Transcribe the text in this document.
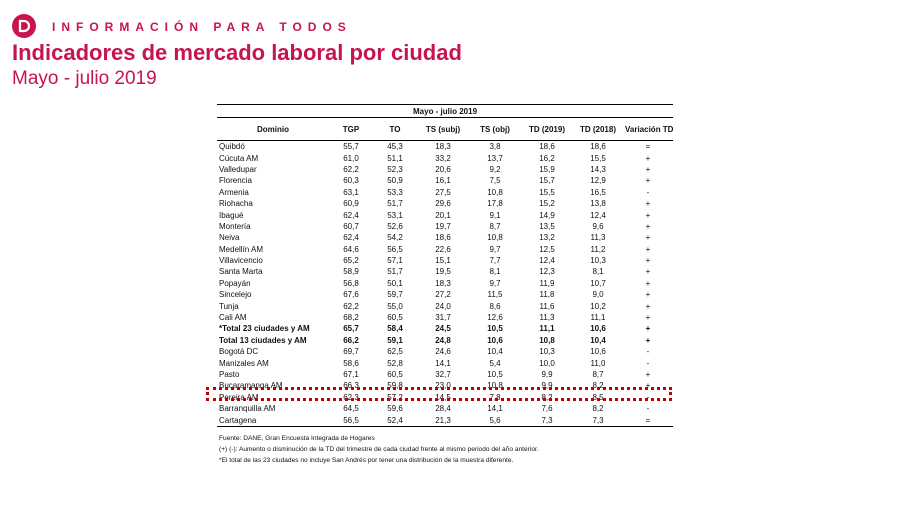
INFORMACIÓN PARA TODOS
Indicadores de mercado laboral por ciudad
Mayo - julio 2019
Mayo - julio 2019							
Dominio	TGP	TO	TS (subj)	TS (obj)	TD (2019)	TD (2018)	Variación TD
Quibdó	55,7	45,3	18,3	3,8	18,6	18,6	=
Cúcuta AM	61,0	51,1	33,2	13,7	16,2	15,5	+
Valledupar	62,2	52,3	20,6	9,2	15,9	14,3	+
Florencia	60,3	50,9	16,1	7,5	15,7	12,9	+
Armenia	63,1	53,3	27,5	10,8	15,5	16,5	-
Riohacha	60,9	51,7	29,6	17,8	15,2	13,8	+
Ibagué	62,4	53,1	20,1	9,1	14,9	12,4	+
Montería	60,7	52,6	19,7	8,7	13,5	9,6	+
Neiva	62,4	54,2	18,6	10,8	13,2	11,3	+
Medellín AM	64,6	56,5	22,6	9,7	12,5	11,2	+
Villavicencio	65,2	57,1	15,1	7,7	12,4	10,3	+
Santa Marta	58,9	51,7	19,5	8,1	12,3	8,1	+
Popayán	56,8	50,1	18,3	9,7	11,9	10,7	+
Sincelejo	67,6	59,7	27,2	11,5	11,8	9,0	+
Tunja	62,2	55,0	24,0	8,6	11,6	10,2	+
Cali AM	68,2	60,5	31,7	12,6	11,3	11,1	+
*Total 23 ciudades y AM	65,7	58,4	24,5	10,5	11,1	10,6	+
Total 13 ciudades y AM	66,2	59,1	24,8	10,6	10,8	10,4	+
Bogotá DC	69,7	62,5	24,6	10,4	10,3	10,6	-
Manizales AM	58,6	52,8	14,1	5,4	10,0	11,0	-
Pasto	67,1	60,5	32,7	10,5	9,9	8,7	+
Bucaramanga AM	66,3	59,8	23,0	10,8	9,9	8,2	+
Pereira AM	62,3	57,2	14,5	7,8	8,2	8,5	-
Barranquilla AM	64,5	59,6	28,4	14,1	7,6	8,2	-
Cartagena	56,5	52,4	21,3	5,6	7,3	7,3	=
Fuente: DANE, Gran Encuesta Integrada de Hogares
(+) (-): Aumento o disminución de la TD del trimestre de cada ciudad frente al mismo periodo del año anterior.
*El total de las 23 ciudades no incluye San Andrés por tener una distribución de la muestra diferente.
